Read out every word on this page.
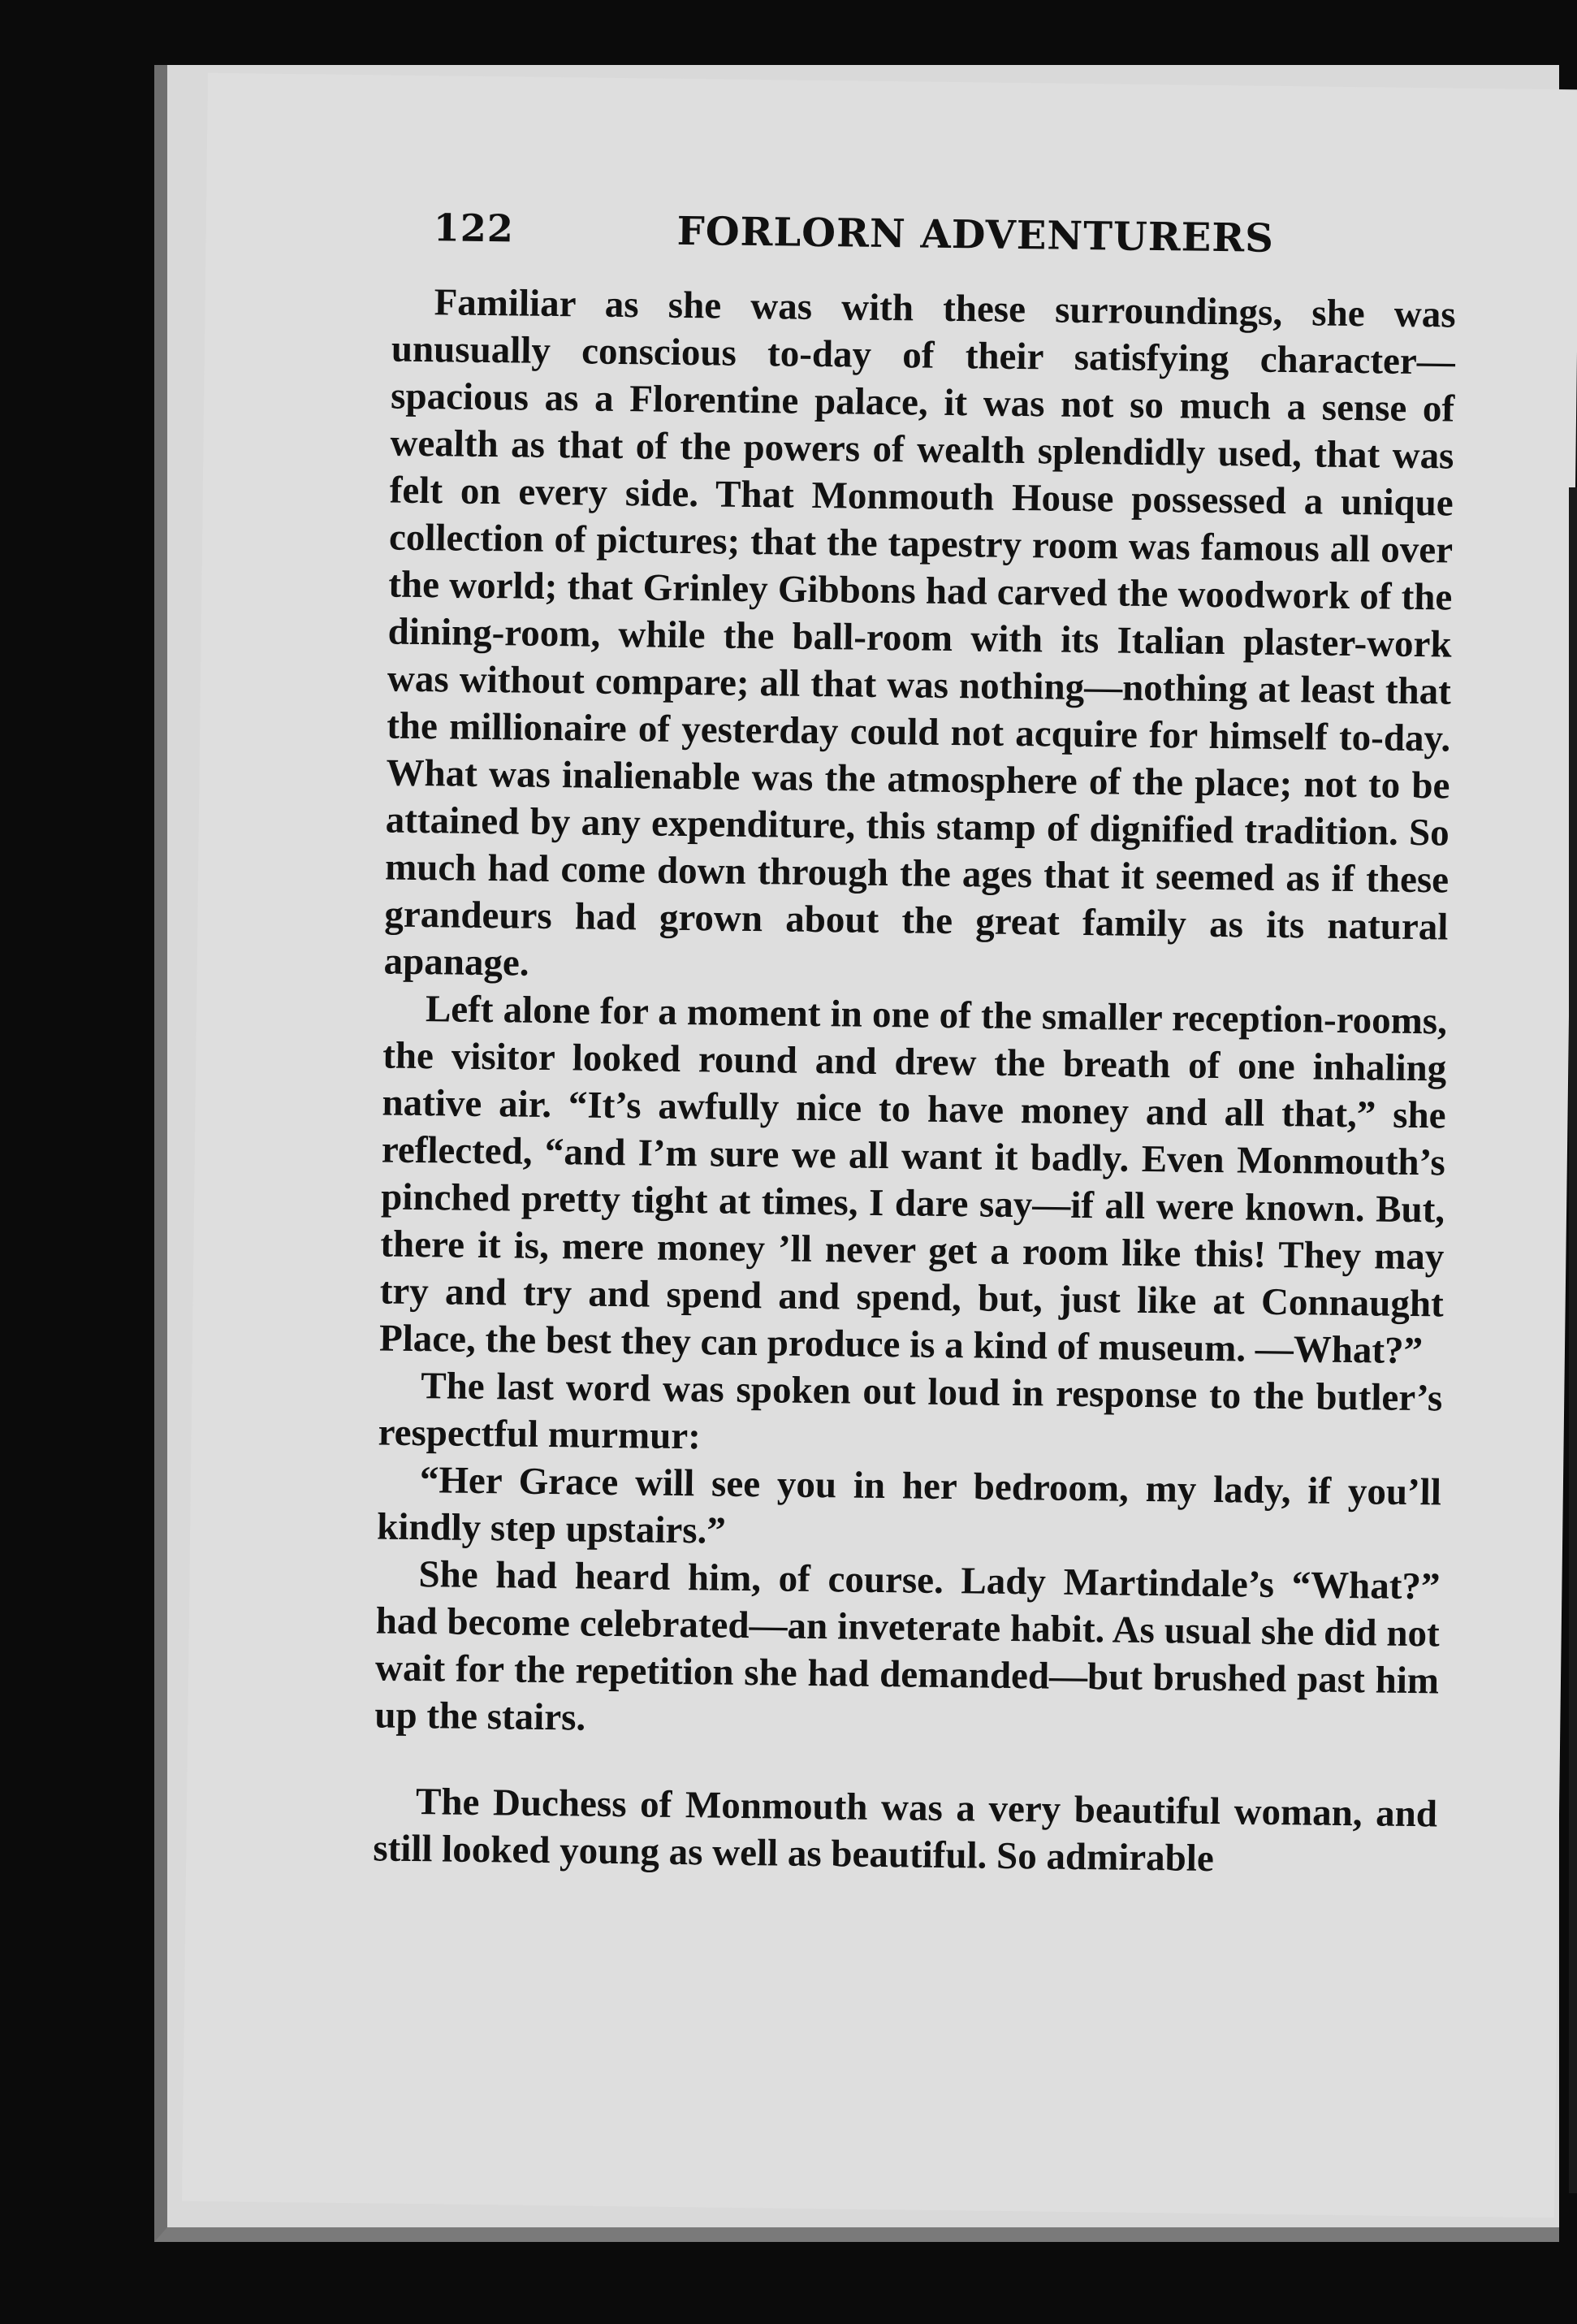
122	FORLORN ADVENTURERS

Familiar as she was with these surroundings, she was unusually conscious to-day of their satisfying character—spacious as a Florentine palace, it was not so much a sense of wealth as that of the powers of wealth splendidly used, that was felt on every side. That Monmouth House possessed a unique collection of pictures; that the tapestry room was famous all over the world; that Grinley Gibbons had carved the woodwork of the dining-room, while the ball-room with its Italian plaster-work was without compare; all that was nothing—nothing at least that the millionaire of yesterday could not acquire for himself to-day. What was inalienable was the atmosphere of the place; not to be attained by any expenditure, this stamp of dignified tradition. So much had come down through the ages that it seemed as if these grandeurs had grown about the great family as its natural apanage.

Left alone for a moment in one of the smaller reception-rooms, the visitor looked round and drew the breath of one inhaling native air. “It’s awfully nice to have money and all that,” she reflected, “and I’m sure we all want it badly. Even Monmouth’s pinched pretty tight at times, I dare say—if all were known. But, there it is, mere money ’ll never get a room like this! They may try and try and spend and spend, but, just like at Connaught Place, the best they can produce is a kind of museum. —What?”

The last word was spoken out loud in response to the butler’s respectful murmur:

“Her Grace will see you in her bedroom, my lady, if you’ll kindly step upstairs.”

She had heard him, of course. Lady Martindale’s “What?” had become celebrated—an inveterate habit. As usual she did not wait for the repetition she had demanded—but brushed past him up the stairs.

The Duchess of Monmouth was a very beautiful woman, and still looked young as well as beautiful. So admirable
